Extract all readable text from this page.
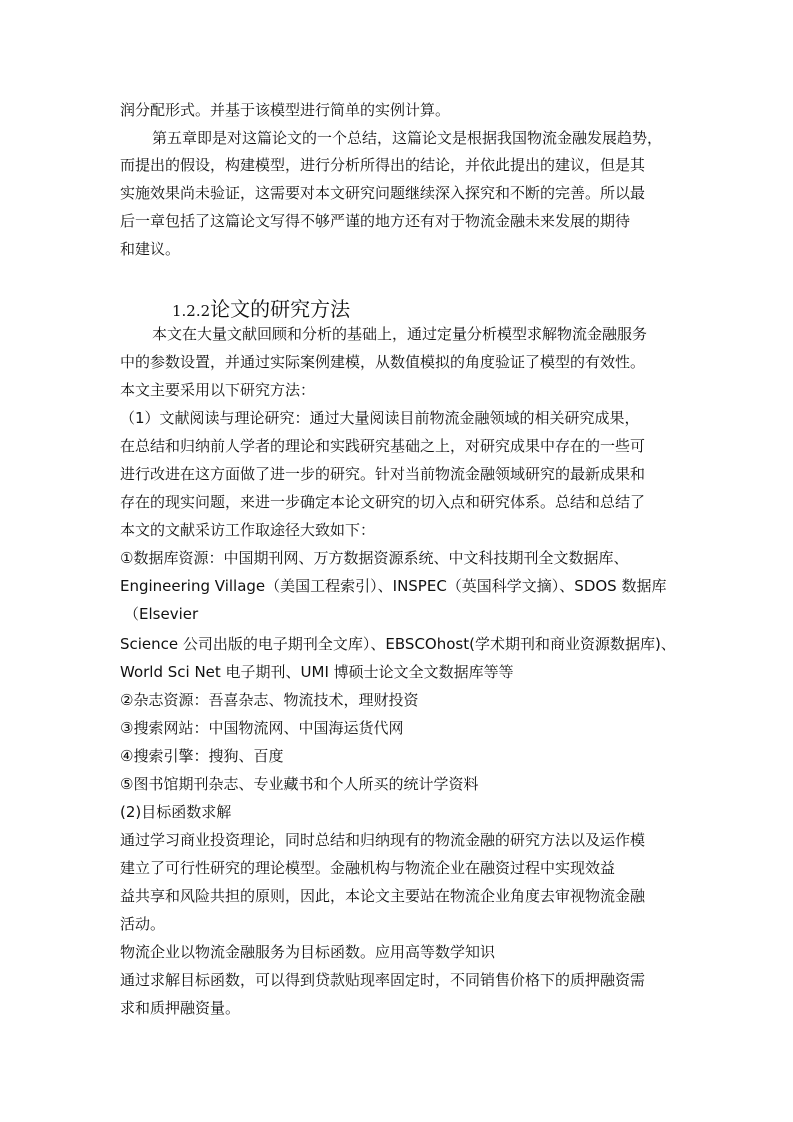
润分配形式。并基于该模型进行简单的实例计算。
第五章即是对这篇论文的一个总结，这篇论文是根据我国物流金融发展趋势，
而提出的假设，构建模型，进行分析所得出的结论，并依此提出的建议，但是其
实施效果尚未验证，这需要对本文研究问题继续深入探究和不断的完善。所以最
后一章包括了这篇论文写得不够严谨的地方还有对于物流金融未来发展的期待
和建议。
1.2.2论文的研究方法
本文在大量文献回顾和分析的基础上，通过定量分析模型求解物流金融服务
中的参数设置，并通过实际案例建模，从数值模拟的角度验证了模型的有效性。
本文主要采用以下研究方法：
（1）文献阅读与理论研究：通过大量阅读目前物流金融领域的相关研究成果，
在总结和归纳前人学者的理论和实践研究基础之上，对研究成果中存在的一些可
进行改进在这方面做了进一步的研究。针对当前物流金融领域研究的最新成果和
存在的现实问题，来进一步确定本论文研究的切入点和研究体系。总结和总结了
本文的文献采访工作取途径大致如下：
①数据库资源：中国期刊网、万方数据资源系统、中文科技期刊全文数据库、
Engineering Village（美国工程索引）、INSPEC（英国科学文摘）、SDOS 数据库
（Elsevier
Science 公司出版的电子期刊全文库）、EBSCOhost(学术期刊和商业资源数据库)、
World Sci Net 电子期刊、UMI 博硕士论文全文数据库等等
②杂志资源：吾喜杂志、物流技术，理财投资
③搜索网站：中国物流网、中国海运货代网
④搜索引擎：搜狗、百度
⑤图书馆期刊杂志、专业藏书和个人所买的统计学资料
(2)目标函数求解
通过学习商业投资理论，同时总结和归纳现有的物流金融的研究方法以及运作模
建立了可行性研究的理论模型。金融机构与物流企业在融资过程中实现效益
益共享和风险共担的原则，因此，本论文主要站在物流企业角度去审视物流金融
活动。
物流企业以物流金融服务为目标函数。应用高等数学知识
通过求解目标函数，可以得到贷款贴现率固定时，不同销售价格下的质押融资需
求和质押融资量。
